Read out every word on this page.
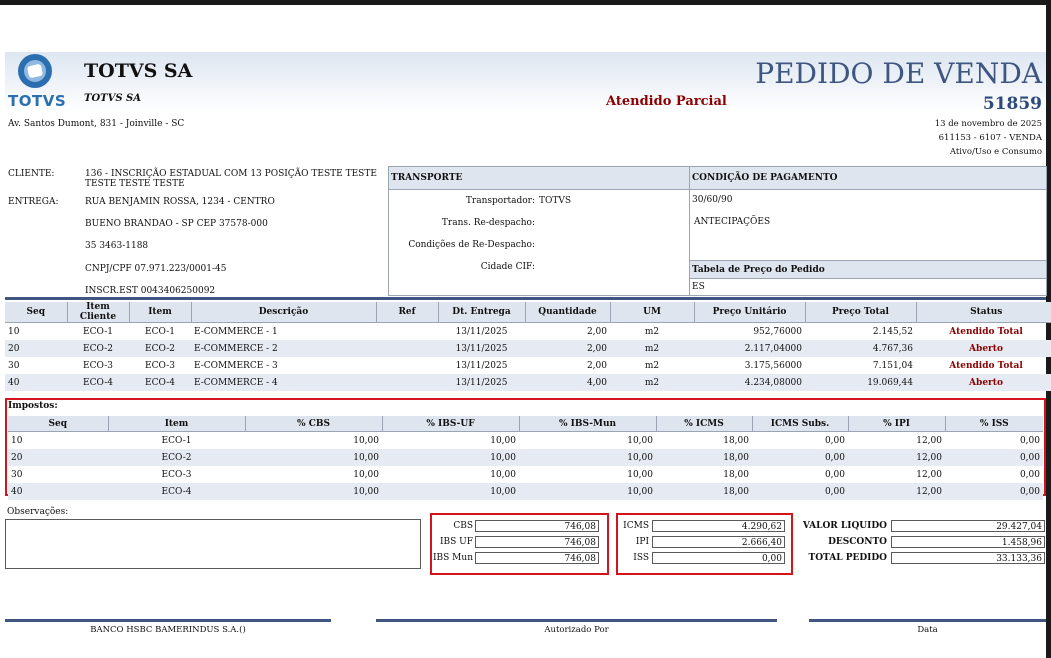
TOTVS
TOTVS SA
TOTVS SA
Av. Santos Dumont, 831 - Joinville - SC
PEDIDO DE VENDA
Atendido Parcial	51859
13 de novembro de 2025
611153 - 6107 - VENDA
Ativo/Uso e Consumo
CLIENTE:	136 - INSCRIÇÃO ESTADUAL COM 13 POSIÇÃO TESTE TESTE TESTE TESTE TESTE
ENTREGA:	RUA BENJAMIN ROSSA, 1234 - CENTRO
BUENO BRANDAO - SP CEP 37578-000
35 3463-1188
CNPJ/CPF 07.971.223/0001-45
INSCR.EST 0043406250092
TRANSPORTE
Transportador: TOTVS
Trans. Re-despacho:
Condições de Re-Despacho:
Cidade CIF:
CONDIÇÃO DE PAGAMENTO
30/60/90
ANTECIPAÇÕES
Tabela de Preço do Pedido
ES
Seq	Item Cliente	Item	Descrição	Ref	Dt. Entrega	Quantidade	UM	Preço Unitário	Preço Total	Status
10	ECO-1	ECO-1	E-COMMERCE - 1		13/11/2025	2,00	m2	952,76000	2.145,52	Atendido Total
20	ECO-2	ECO-2	E-COMMERCE - 2		13/11/2025	2,00	m2	2.117,04000	4.767,36	Aberto
30	ECO-3	ECO-3	E-COMMERCE - 3		13/11/2025	2,00	m2	3.175,56000	7.151,04	Atendido Total
40	ECO-4	ECO-4	E-COMMERCE - 4		13/11/2025	4,00	m2	4.234,08000	19.069,44	Aberto
Impostos:
Seq	Item	% CBS	% IBS-UF	% IBS-Mun	% ICMS	ICMS Subs.	% IPI	% ISS
10	ECO-1	10,00	10,00	10,00	18,00	0,00	12,00	0,00
20	ECO-2	10,00	10,00	10,00	18,00	0,00	12,00	0,00
30	ECO-3	10,00	10,00	10,00	18,00	0,00	12,00	0,00
40	ECO-4	10,00	10,00	10,00	18,00	0,00	12,00	0,00
Observações:
CBS	746,08
IBS UF	746,08
IBS Mun	746,08
ICMS	4.290,62
IPI	2.666,40
ISS	0,00
VALOR LIQUIDO	29.427,04
DESCONTO	1.458,96
TOTAL PEDIDO	33.133,36
BANCO HSBC BAMERINDUS S.A.()	Autorizado Por	Data
